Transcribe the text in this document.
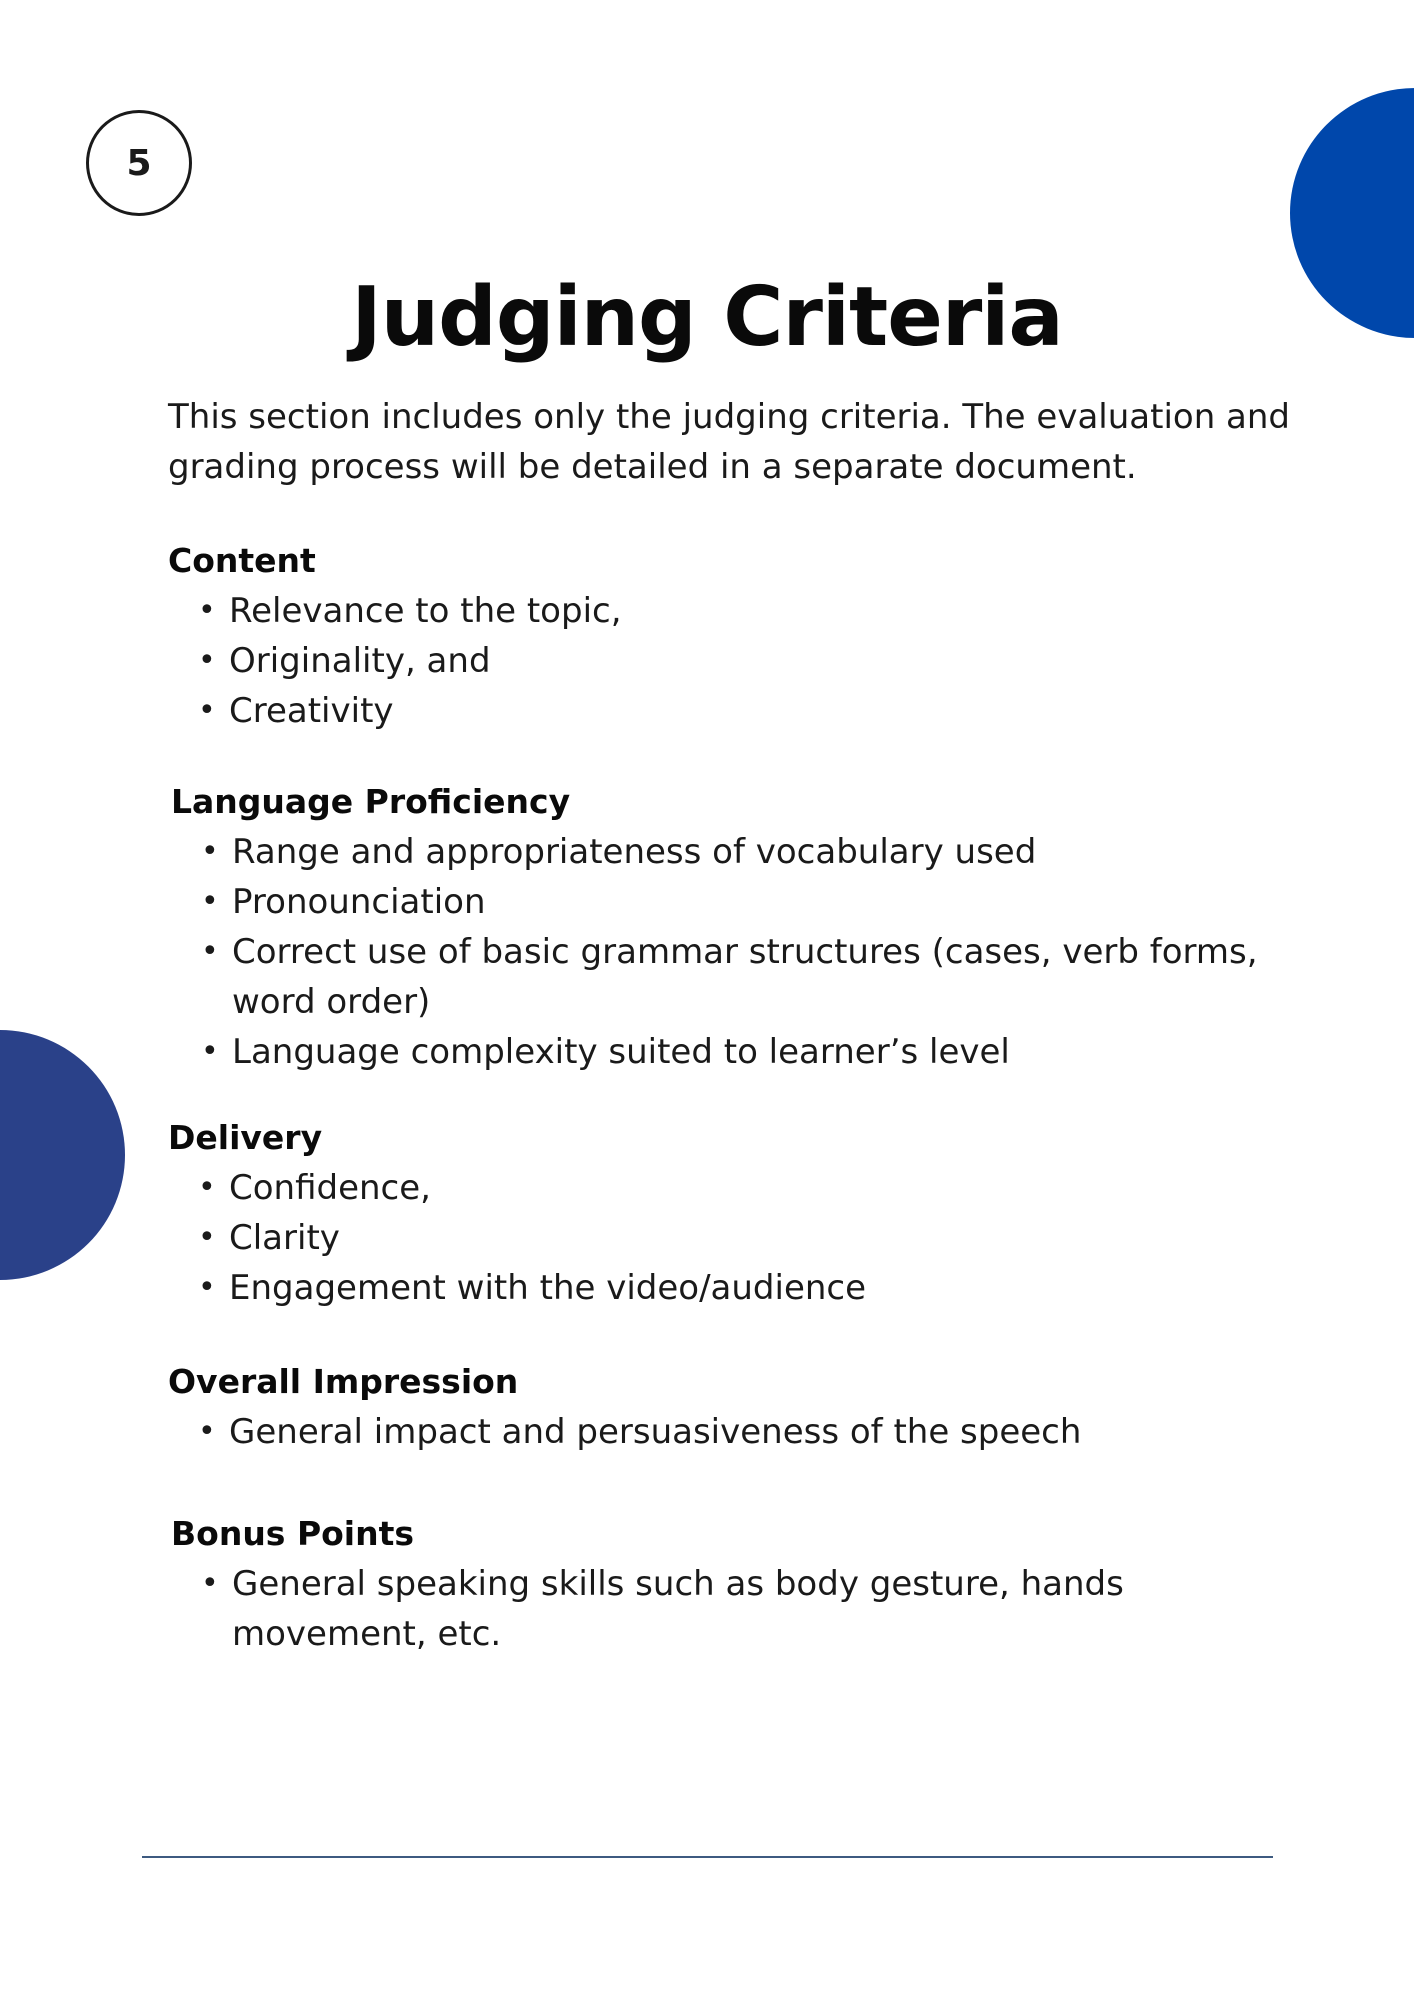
5
Judging Criteria

This section includes only the judging criteria. The evaluation and grading process will be detailed in a separate document.

Content
• Relevance to the topic,
• Originality, and
• Creativity
Language Proficiency
• Range and appropriateness of vocabulary used
• Pronounciation
• Correct use of basic grammar structures (cases, verb forms, word order)
• Language complexity suited to learner’s level
Delivery
• Confidence,
• Clarity
• Engagement with the video/audience
Overall Impression
• General impact and persuasiveness of the speech
Bonus Points
• General speaking skills such as body gesture, hands movement, etc.
